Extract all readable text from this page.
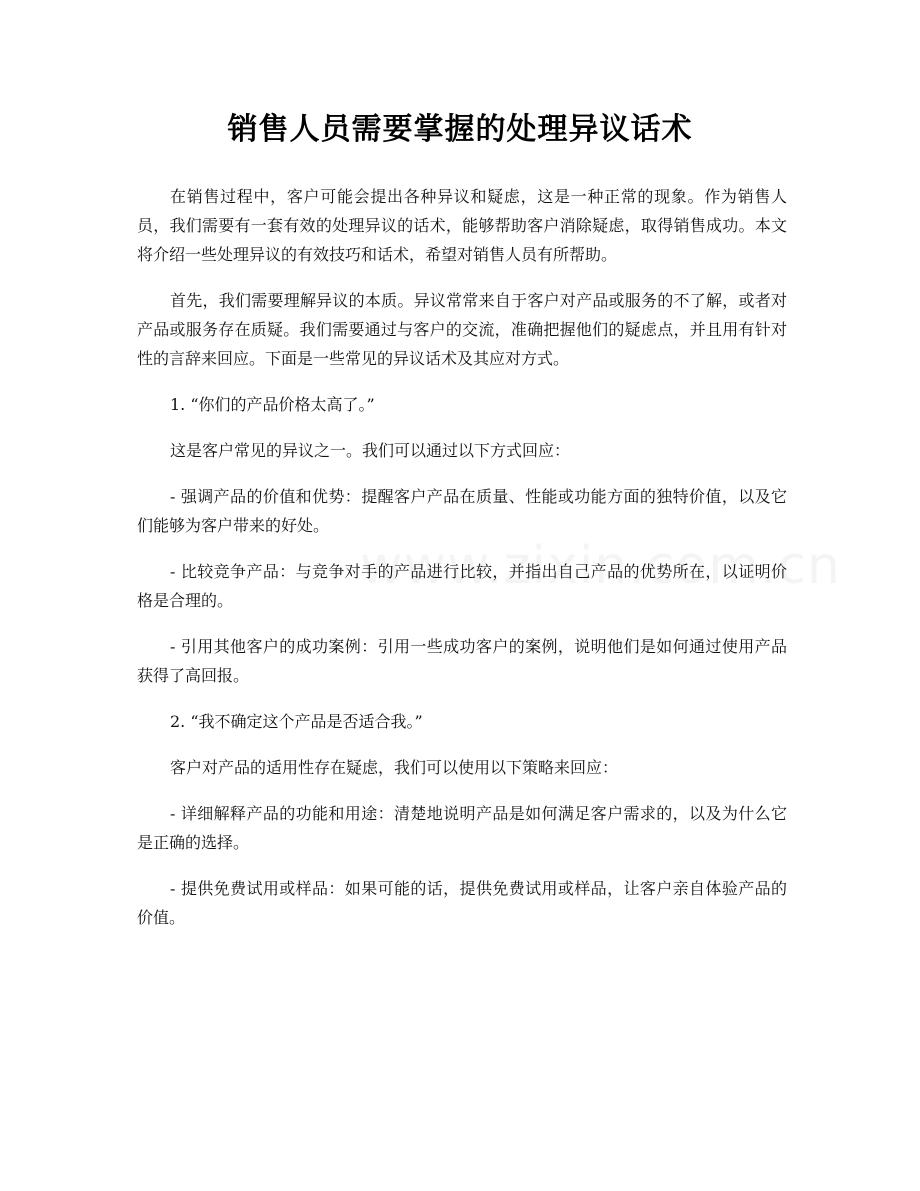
销售人员需要掌握的处理异议话术

在销售过程中，客户可能会提出各种异议和疑虑，这是一种正常的现象。作为销售人员，我们需要有一套有效的处理异议的话术，能够帮助客户消除疑虑，取得销售成功。本文将介绍一些处理异议的有效技巧和话术，希望对销售人员有所帮助。

首先，我们需要理解异议的本质。异议常常来自于客户对产品或服务的不了解，或者对产品或服务存在质疑。我们需要通过与客户的交流，准确把握他们的疑虑点，并且用有针对性的言辞来回应。下面是一些常见的异议话术及其应对方式。

1. “你们的产品价格太高了。”

这是客户常见的异议之一。我们可以通过以下方式回应：

- 强调产品的价值和优势：提醒客户产品在质量、性能或功能方面的独特价值，以及它们能够为客户带来的好处。

- 比较竞争产品：与竞争对手的产品进行比较，并指出自己产品的优势所在，以证明价格是合理的。

- 引用其他客户的成功案例：引用一些成功客户的案例，说明他们是如何通过使用产品获得了高回报。

2. “我不确定这个产品是否适合我。”

客户对产品的适用性存在疑虑，我们可以使用以下策略来回应：

- 详细解释产品的功能和用途：清楚地说明产品是如何满足客户需求的，以及为什么它是正确的选择。

- 提供免费试用或样品：如果可能的话，提供免费试用或样品，让客户亲自体验产品的价值。
